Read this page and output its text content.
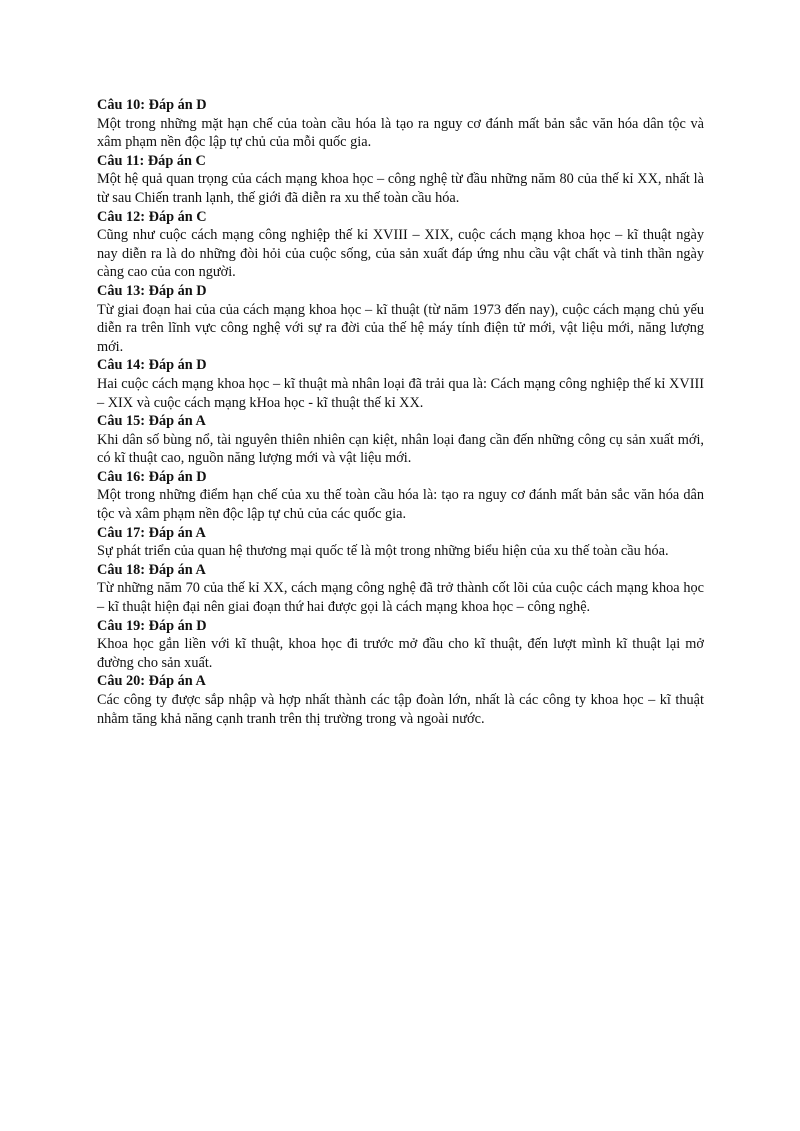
Câu 10: Đáp án D

Một trong những mặt hạn chế của toàn cầu hóa là tạo ra nguy cơ đánh mất bản sắc văn hóa dân tộc và xâm phạm nền độc lập tự chủ của mỗi quốc gia.

Câu 11: Đáp án C

Một hệ quả quan trọng của cách mạng khoa học – công nghệ từ đầu những năm 80 của thế kỉ XX, nhất là từ sau Chiến tranh lạnh, thế giới đã diễn ra xu thế toàn cầu hóa.

Câu 12: Đáp án C

Cũng như cuộc cách mạng công nghiệp thế kỉ XVIII – XIX, cuộc cách mạng khoa học – kĩ thuật ngày nay diễn ra là do những đòi hỏi của cuộc sống, của sản xuất đáp ứng nhu cầu vật chất và tinh thần ngày càng cao của con người.

Câu 13: Đáp án D

Từ giai đoạn hai của của cách mạng khoa học – kĩ thuật (từ năm 1973 đến nay), cuộc cách mạng chủ yếu diễn ra trên lĩnh vực công nghệ với sự ra đời của thế hệ máy tính điện tử mới, vật liệu mới, năng lượng mới.

Câu 14: Đáp án D

Hai cuộc cách mạng khoa học – kĩ thuật mà nhân loại đã trải qua là: Cách mạng công nghiệp thế kỉ XVIII – XIX và cuộc cách mạng kHoa học - kĩ thuật thế kỉ XX.

Câu 15: Đáp án A

Khi dân số bùng nổ, tài nguyên thiên nhiên cạn kiệt, nhân loại đang cần đến những công cụ sản xuất mới, có kĩ thuật cao, nguồn năng lượng mới và vật liệu mới.

Câu 16: Đáp án D

Một trong những điểm hạn chế của xu thế toàn cầu hóa là: tạo ra nguy cơ đánh mất bản sắc văn hóa dân tộc và xâm phạm nền độc lập tự chủ của các quốc gia.

Câu 17: Đáp án A

Sự phát triển của quan hệ thương mại quốc tế là một trong những biểu hiện của xu thế toàn cầu hóa.

Câu 18: Đáp án A

Từ những năm 70 của thế kỉ XX, cách mạng công nghệ đã trở thành cốt lõi của cuộc cách mạng khoa học – kĩ thuật hiện đại nên giai đoạn thứ hai được gọi là cách mạng khoa học – công nghệ.

Câu 19: Đáp án D

Khoa học gắn liền với kĩ thuật, khoa học đi trước mở đầu cho kĩ thuật, đến lượt mình kĩ thuật lại mở đường cho sản xuất.

Câu 20: Đáp án A

Các công ty được sắp nhập và hợp nhất thành các tập đoàn lớn, nhất là các công ty khoa học – kĩ thuật nhằm tăng khả năng cạnh tranh trên thị trường trong và ngoài nước.
